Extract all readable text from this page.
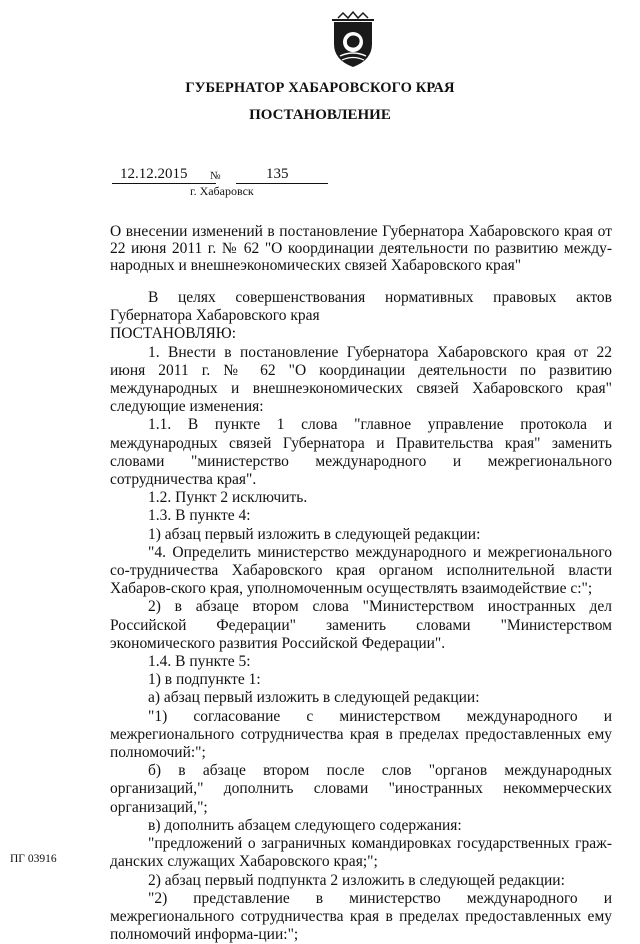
ГУБЕРНАТОР ХАБАРОВСКОГО КРАЯ
ПОСТАНОВЛЕНИЕ
12.12.2015	№	135
г. Хабаровск
О внесении изменений в постановление Губернатора Хабаровского края от 22 июня 2011 г. № 62 "О координации деятельности по развитию между-народных и внешнеэкономических связей Хабаровского края"

В целях совершенствования нормативных правовых актов Губернатора Хабаровского края

ПОСТАНОВЛЯЮ:

1. Внести в постановление Губернатора Хабаровского края от 22 июня 2011 г. № 62 "О координации деятельности по развитию международных и внешнеэкономических связей Хабаровского края" следующие изменения:

1.1. В пункте 1 слова "главное управление протокола и международных связей Губернатора и Правительства края" заменить словами "министерство международного и межрегионального сотрудничества края".

1.2. Пункт 2 исключить.

1.3. В пункте 4:

1) абзац первый изложить в следующей редакции:

"4. Определить министерство международного и межрегионального со-трудничества Хабаровского края органом исполнительной власти Хабаров-ского края, уполномоченным осуществлять взаимодействие с:";

2) в абзаце втором слова "Министерством иностранных дел Российской Федерации" заменить словами "Министерством экономического развития Российской Федерации".

1.4. В пункте 5:

1) в подпункте 1:

а) абзац первый изложить в следующей редакции:

"1) согласование с министерством международного и межрегионального сотрудничества края в пределах предоставленных ему полномочий:";

б) в абзаце втором после слов "органов международных организаций," дополнить словами "иностранных некоммерческих организаций,";

в) дополнить абзацем следующего содержания:

"предложений о заграничных командировках государственных граж-данских служащих Хабаровского края;";

2) абзац первый подпункта 2 изложить в следующей редакции:

"2) представление в министерство международного и межрегионального сотрудничества края в пределах предоставленных ему полномочий информа-ции:";

ПГ 03916
